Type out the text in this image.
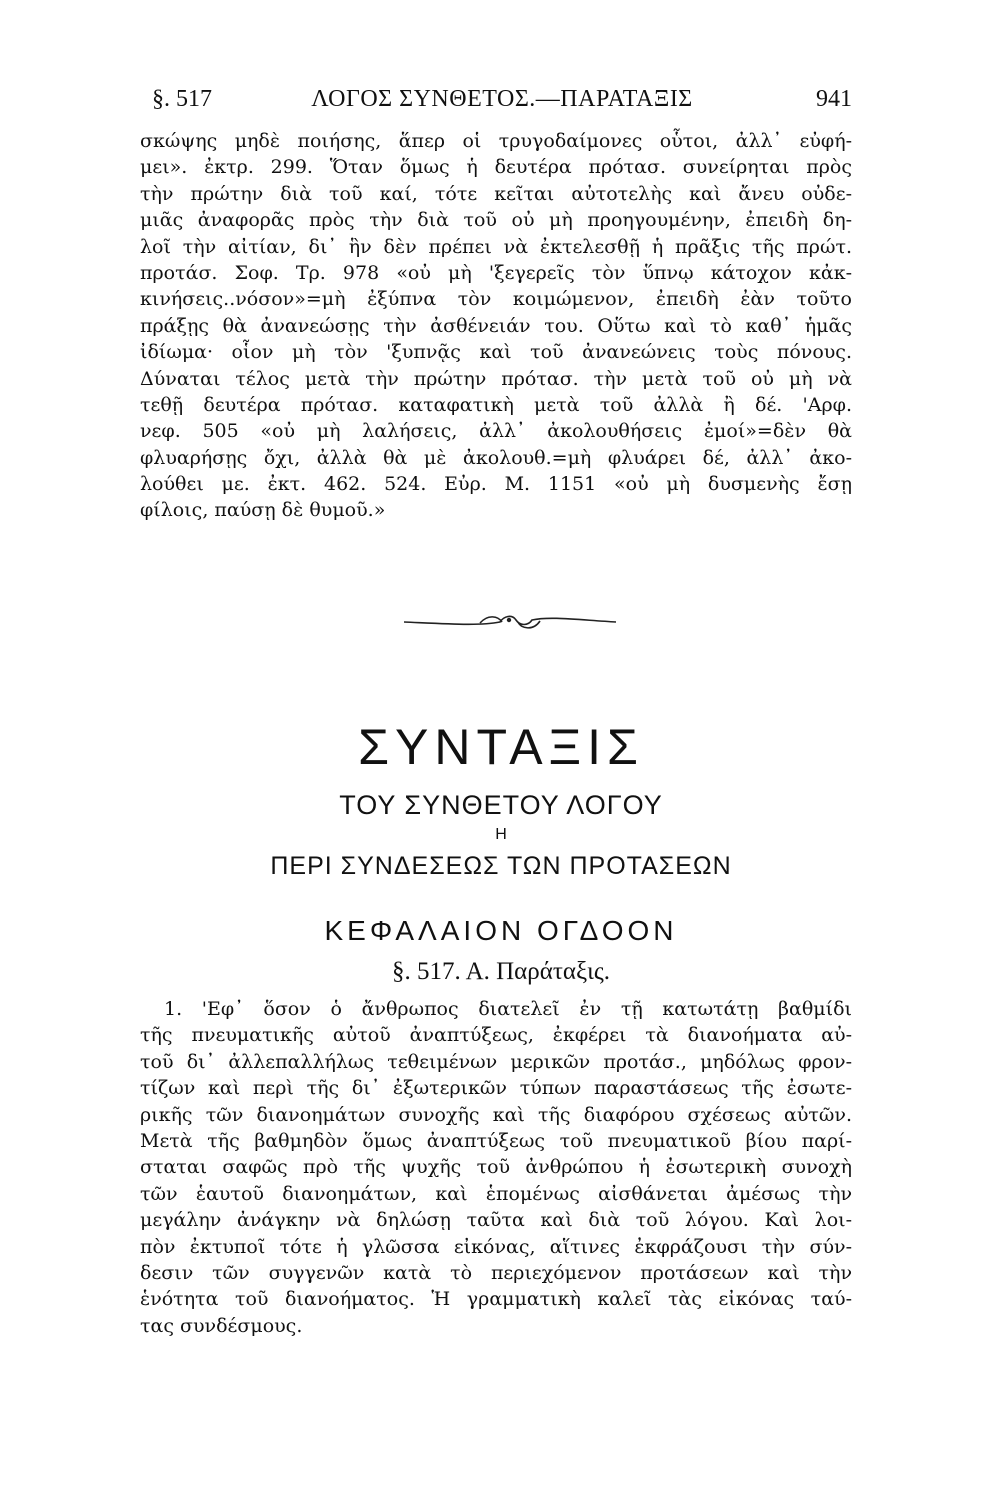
§. 517	ΛΟΓΟΣ ΣΥΝΘΕΤΟΣ.—ΠΑΡΑΤΑΞΙΣ	941
σκώψης μηδὲ ποιήσης, ἅπερ οἱ τρυγοδαίμονες οὗτοι, ἀλλ᾽ εὐφή-
μει». ἐκτρ. 299. Ὅταν ὅμως ἡ δευτέρα πρότασ. συνείρηται πρὸς
τὴν πρώτην διὰ τοῦ καί, τότε κεῖται αὐτοτελὴς καὶ ἄνευ οὐδε-
μιᾶς ἀναφορᾶς πρὸς τὴν διὰ τοῦ οὐ μὴ προηγουμένην, ἐπειδὴ δη-
λοῖ τὴν αἰτίαν, δι᾽ ἣν δὲν πρέπει νὰ ἐκτελεσθῇ ἡ πρᾶξις τῆς πρώτ.
προτάσ. Σοφ. Τρ. 978 «οὐ μὴ 'ξεγερεῖς τὸν ὕπνῳ κάτοχον κἀκ-
κινήσεις..νόσον»=μὴ ἐξύπνα τὸν κοιμώμενον, ἐπειδὴ ἐὰν τοῦτο
πράξῃς θὰ ἀνανεώσῃς τὴν ἀσθένειάν του. Οὕτω καὶ τὸ καθ᾽ ἡμᾶς
ἰδίωμα· οἷον μὴ τὸν 'ξυπνᾷς καὶ τοῦ ἀνανεώνεις τοὺς πόνους.
Δύναται τέλος μετὰ τὴν πρώτην πρότασ. τὴν μετὰ τοῦ οὐ μὴ νὰ
τεθῇ δευτέρα πρότασ. καταφατικὴ μετὰ τοῦ ἀλλὰ ἢ δέ. 'Αρφ.
νεφ. 505 «οὐ μὴ λαλήσεις, ἀλλ᾽ ἀκολουθήσεις ἐμοί»=δὲν θὰ
φλυαρήσῃς ὄχι, ἀλλὰ θὰ μὲ ἀκολουθ.=μὴ φλυάρει δέ, ἀλλ᾽ ἀκο-
λούθει με. ἐκτ. 462. 524. Εὐρ. Μ. 1151 «οὐ μὴ δυσμενὴς ἔσῃ
φίλοις, παύσῃ δὲ θυμοῦ.»
ΣΥΝΤΑΞΙΣ
ΤΟΥ ΣΥΝΘΕΤΟΥ ΛΟΓΟΥ
Η
ΠΕΡΙ ΣΥΝΔΕΣΕΩΣ ΤΩΝ ΠΡΟΤΑΣΕΩΝ
ΚΕΦΑΛΑΙΟΝ ΟΓΔΟΟΝ
§. 517. Α. Παράταξις.
1. 'Εφ᾽ ὅσον ὁ ἄνθρωπος διατελεῖ ἐν τῇ κατωτάτῃ βαθμίδι
τῆς πνευματικῆς αὐτοῦ ἀναπτύξεως, ἐκφέρει τὰ διανοήματα αὐ-
τοῦ δι᾽ ἀλλεπαλλήλως τεθειμένων μερικῶν προτάσ., μηδόλως φρον-
τίζων καὶ περὶ τῆς δι᾽ ἐξωτερικῶν τύπων παραστάσεως τῆς ἐσωτε-
ρικῆς τῶν διανοημάτων συνοχῆς καὶ τῆς διαφόρου σχέσεως αὐτῶν.
Μετὰ τῆς βαθμηδὸν ὅμως ἀναπτύξεως τοῦ πνευματικοῦ βίου παρί-
σταται σαφῶς πρὸ τῆς ψυχῆς τοῦ ἀνθρώπου ἡ ἐσωτερικὴ συνοχὴ
τῶν ἑαυτοῦ διανοημάτων, καὶ ἑπομένως αἰσθάνεται ἀμέσως τὴν
μεγάλην ἀνάγκην νὰ δηλώσῃ ταῦτα καὶ διὰ τοῦ λόγου. Καὶ λοι-
πὸν ἐκτυποῖ τότε ἡ γλῶσσα εἰκόνας, αἵτινες ἐκφράζουσι τὴν σύν-
δεσιν τῶν συγγενῶν κατὰ τὸ περιεχόμενον προτάσεων καὶ τὴν
ἑνότητα τοῦ διανοήματος. Ἡ γραμματικὴ καλεῖ τὰς εἰκόνας ταύ-
τας συνδέσμους.
